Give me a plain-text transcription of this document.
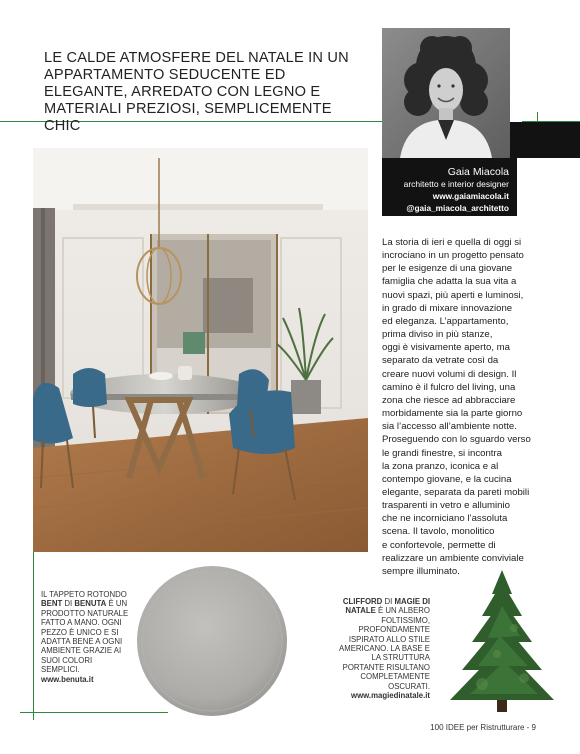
LE CALDE ATMOSFERE DEL NATALE IN UN APPARTAMENTO SEDUCENTE ED ELEGANTE, ARREDATO CON LEGNO E MATERIALI PREZIOSI, SEMPLICEMENTE CHIC
Gaia Miacola
architetto e interior designer
www.gaiamiacola.it
@gaia_miacola_architetto
La storia di ieri e quella di oggi si
incrociano in un progetto pensato
per le esigenze di una giovane
famiglia che adatta la sua vita a
nuovi spazi, più aperti e luminosi,
in grado di mixare innovazione
ed eleganza. L’appartamento,
prima diviso in più stanze,
oggi è visivamente aperto, ma
separato da vetrate così da
creare nuovi volumi di design. Il
camino è il fulcro del living, una
zona che riesce ad abbracciare
morbidamente sia la parte giorno
sia l’accesso all’ambiente notte.
Proseguendo con lo sguardo verso
le grandi finestre, si incontra
la zona pranzo, iconica e al
contempo giovane, e la cucina
elegante, separata da pareti mobili
trasparenti in vetro e alluminio
che ne incorniciano l’assoluta
scena. Il tavolo, monolitico
e confortevole, permette di
realizzare un ambiente conviviale
sempre illuminato.
IL TAPPETO ROTONDO BENT DI BENUTA È UN PRODOTTO NATURALE FATTO A MANO. OGNI PEZZO È UNICO E SI ADATTA BENE A OGNI AMBIENTE GRAZIE AI SUOI COLORI SEMPLICI.
www.benuta.it
CLIFFORD DI MAGIE DI NATALE È UN ALBERO FOLTISSIMO, PROFONDAMENTE ISPIRATO ALLO STILE AMERICANO. LA BASE E LA STRUTTURA PORTANTE RISULTANO COMPLETAMENTE OSCURATI.
www.magiedinatale.it
100 IDEE per Ristrutturare - 9
